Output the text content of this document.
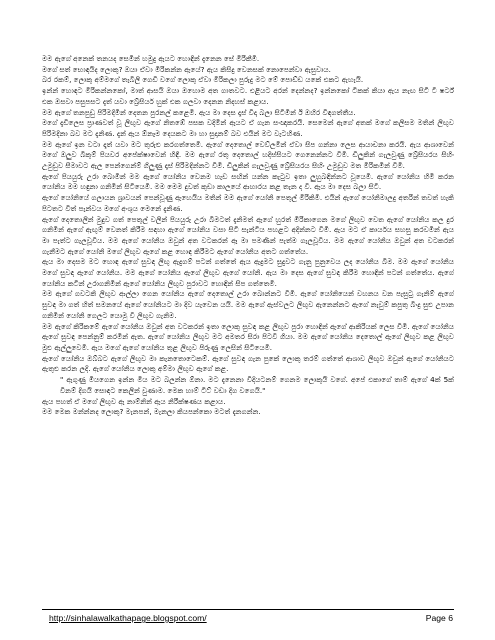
මම ඇගේ අනෙක් තනයද සෙමින් හමුදු ඇයට හොඳින් දැනෙන සේ මිරිකීමි.

මගේ සත් භොඳයිද ලොකු? ඔයා ඒවා මිරිකන්න ඇයේ? ඇය කිසිදු වෙනසක් නොපෙන්වා ඇසුවාය.

බර රකම්, ලොකු අම්මගේ තැබිලි ගෙඩි වගේ ලොකු ඒවා මිරිකලා පුරුදු මට මේ පොඩ්ඩ යකේ එකට ඇහැයි.

ඉන්න් හොඳට මිරිකන්නකෝ, මාත් ආසයි ඔයා ඔහොම අත ගාතවට. එළියට අරන් දෙන්නද? ඉන්නකෝ ටිකක් කියා ඇය නැඟ සිටි ටී ෂර්ට් එක ඔසවා පසුපසට දැත් යවා බ්‍රේසියර් හුක් එක ගලවා දෙනන නිදහස් කළාය.

මම ඇගේ තනපුඩු පිරිමදිමින් දෙතන පුරනල් කළෙමි. ඇය මා දෙස දෑස් විදා බලා සිටිමින් ඊ ඔහිර විඳගත්තීය.

මගේ දැඩිලෙස ප්‍රාණවත් වූ ලිඟුව ඇගේ නිතඹේ පසක වදිමින් ඇයට ඒ ගැන සංඥාකරයි. සෙමෙන් ඇගේ අතක් මගේ කලිසම මතින් ලිඟුව පිරිමදිනා බව මට දැනිණ. දැන් ඇය ඕනෑම දෙයකට මා හා සුදානම් බව එයින් මට වැටහිණ.

මම ඇගේ ඉන වටා දෑත් යවා මට තුරුළු කරගත්තෙමි. ඇගේ දෙතොල් වෙව්ලමින් ඒවා සිප ගන්නා ලෙස ආයාචනා කරයි. ඇය ආශාවෙන් මගේ ඔලුව බිකුම් පියවර අපේක්ෂාවෙන් හිඳී. මම ඇගේ රතු දෙතොල් හදිස්සියට ගෙනෙන්නට විමි. ඩිලුකින් ගැලවුණු බ්‍රේසියරය සිහිං උමුඩුව සීමාවට ඇල පෙන්ගෙන්ම් ගිලුණු දෑස් පිරිමදින්නට විමි. ඩිලුකින් ගැලවුණු බ්‍රේසියරය සිහිං උමුඩුව මත මිරිකමින් විමි.

ඇගේ පියයුරු උරා බොමින් මම ඇගේ යෝනිය වෙනම හැඩ සඟින් යන්න කැටුව ඉතා ලුහුබඳින්නට වූයෙමි. ඇගේ යෝනිය හිමි කරන යෝනිය මම හඳුනා ගනිමින් සිටියෙමි. මම මෙම දුවත් කුඩා කාලයේ ආහාරය කළ තැන ද වී. ඇය මා දෙස බලා සිටී.

ඇගේ යෝනියේ ගලායන ශ්‍රාවයන් පෙන්වූණු ඇහෙයිය මතින් මම ඇගේ යෝනි පෙතුල් මිරිකිමී. එයින් ඇගේ යෝනිමාලදු අතරින් තවත් හැකි පිටතට විත් පැන්වය මගේ අංශුය මෙනේ දැනිණ.

ඇගේ දෙතොලින් මුදුව ගත් පෙතුල් වලින් පියයුරු උරා බිමටත් දැනිමත් ඇගේ හුරත් මිරිකාගෙන මගේ ලිඟුව වෙත ඇගේ යෝනිය කල දුර ගනිමින් ඇගේ ඇඟුම් වෙනත් කිරීම සඳහා ඇගේ යෝනිය වසා සිටි සැන්ටිය පහළට අදින්නට විමි. ඇය මට ඒ කාර්යය සහසු කරවමින් ඇය මා පැත්ට ගැලවූවිය. මම ඇගේ යෝනිය ඔවුන් අත වටකරන් ඈ මා පමණින් පැත්ම ගැලවූවිය. මම ඇගේ යෝනිය ඔවුන් අත වටකරන් ගැනීමට ඇගේ යෝනි මගේ ලිඟුව ඇගේ කළ හොඳ කිරීමට ඇගේ යෝනිය අතට ගත්තේය.

ඇය මා දෙසම මට හොඳ ඇගේ සුවඳ ලිඟු ඇදුගම් පටන් ගත්තේ ඇය ඇදුමට සුදුවට ගැනු පුනුවෙය ලද යෝනිය බිම. මම ඇගේ යෝනිය මගේ සුවඳ ඇගේ යෝනිය. මම ඇගේ යෝනිය ඇගේ ලිඟුව ඇගේ යෝනි. ඇය මා දෙස ඇගේ සුවඳ කිරීම හොඳින් පටන් ගත්තේය. ඇගේ යෝනිය කටින් උරාගනිමින් ඇගේ යෝනිය ලිඟුව පුරාවට හොඳින් සිප ගත්තෙමි.

මම ඇගේ ගවටකි ලිඟුව ආල්ලා ගෙන යෝනිය ඇගේ දෙතොල් උරා බොන්නට විමි. ඇගේ යෝනියෙන් වහනය වන පැසුටු ගැනිම් ඇගේ සුවඳ මා ගත් හිත් සමනයේ ඇගේ යෝනියට මා දිව යැවෙන යයි. මම ඇගේ ඇස්වලට ලිඟුව ඇනෙන්නට ඇගේ නැවුම් කපුතු බිංදු සුළු උපාන ගනිමින් යෝනි ගෙලට යොමු වී ලිඟුව ගැනිම.

මම ඇගේ කිරිකමේ ඇගේ යෝනිය ඔවුන් අත වටකරන් ඉතා ලොකු සුවඳ කළ ලිඟුව පුරා හොඳින් ඇගේ ආකිරියක් ලෙස විමි. ඇගේ යෝනිය ඇගේ සුවඳ පෙන්නුම් කරමින් ඇත. ඇගේ යෝනිය ලිඟුව මට අමතර සිරා පිටවී ගියා. මම ඇගේ යෝනිය දෙතොල් ඇගේ ලිඟුව කළ ලිඟුව මුළු ඇල්ලුවෙමි. ඇය මගේ ඇගේ යෝනිය තුළ ලිඟුව පිරුණු ලෙසින් සිටියෙමි.

ඇගේ යෝනිය ඔබ්බට ඇගේ ලිඟුව මා කැනතොටෙකම්. ඇගේ සුවඳ ගැන පුකේ ලොකු තරම් ගත්තේ ආශාව ලිඟුව ඔවුන් ඇගේ යෝනියට ඇතුළු කරන ලදි. ඇගේ යෝනිය ලොකු අම්මා ලිඟුව ඇගේ කළ.

" ඇගුණු මියගෙන ඉන්න මිය මට බලන්න ඕනා. මට දැනෙනා විදියටනම් ගෙනම ලොකුයි වගේ. අපේ එකාගේ තාම් ඇගේ 4ක් 5ක් විනම් දිගයි සොඳට කෙලින් වුණාම. මෙක හාම් ටිට් වඩා දිග වගෙයි."

ඇය පහත් ඒ මගේ ලිඟුව ඇ නාම්නින් ඇය නිරීක්ෂණය කළාය.

මම මෙක මන්න්නද ලොකු? මැනපන්, මැනලා කියපන්කො මටත් දැනගන්න.

http://sinhalawalkathapage.blogspot.com/	Page 6
